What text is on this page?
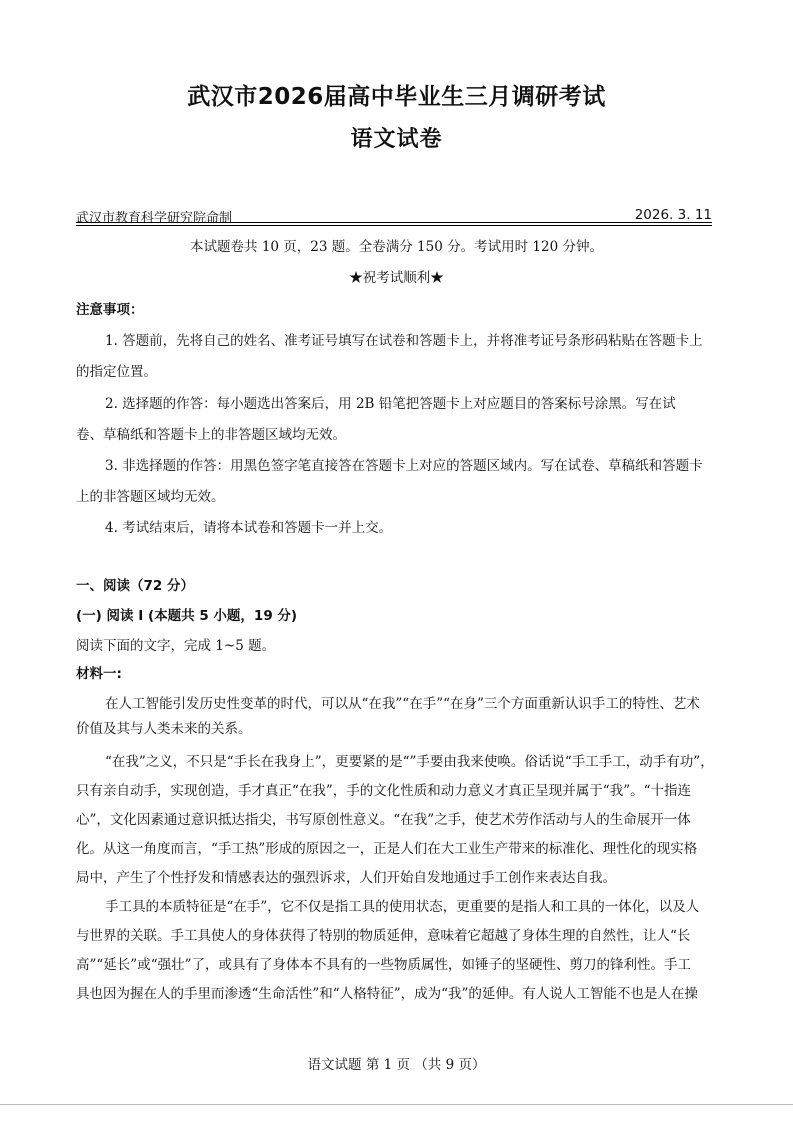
武汉市2026届高中毕业生三月调研考试
语文试卷
武汉市教育科学研究院命制	2026. 3. 11
本试题卷共 10 页，23 题。全卷满分 150 分。考试用时 120 分钟。
★祝考试顺利★
注意事项：
1. 答题前，先将自己的姓名、准考证号填写在试卷和答题卡上，并将准考证号条形码粘贴在答题卡上
的指定位置。
2. 选择题的作答：每小题选出答案后，用 2B 铅笔把答题卡上对应题目的答案标号涂黑。写在试
卷、草稿纸和答题卡上的非答题区域均无效。
3. 非选择题的作答：用黑色签字笔直接答在答题卡上对应的答题区域内。写在试卷、草稿纸和答题卡
上的非答题区域均无效。
4. 考试结束后，请将本试卷和答题卡一并上交。
一、阅读（72 分）
(一) 阅读 I (本题共 5 小题，19 分)
阅读下面的文字，完成 1~5 题。
材料一:
在人工智能引发历史性变革的时代，可以从“在我”“在手”“在身”三个方面重新认识手工的特性、艺术
价值及其与人类未来的关系。
“在我”之义，不只是“手长在我身上”，更要紧的是“”手要由我来使唤。俗话说“手工手工，动手有功”，
只有亲自动手，实现创造，手才真正“在我”，手的文化性质和动力意义才真正呈现并属于“我”。“十指连
心”，文化因素通过意识抵达指尖，书写原创性意义。“在我”之手，使艺术劳作活动与人的生命展开一体
化。从这一角度而言，“手工热”形成的原因之一，正是人们在大工业生产带来的标准化、理性化的现实格
局中，产生了个性抒发和情感表达的强烈诉求，人们开始自发地通过手工创作来表达自我。
手工具的本质特征是“在手”，它不仅是指工具的使用状态，更重要的是指人和工具的一体化，以及人
与世界的关联。手工具使人的身体获得了特别的物质延伸，意味着它超越了身体生理的自然性，让人“长
高”“延长”或“强壮”了，或具有了身体本不具有的一些物质属性，如锤子的坚硬性、剪刀的锋利性。手工
具也因为握在人的手里而渗透“生命活性”和“人格特征”，成为“我”的延伸。有人说人工智能不也是人在操
语文试题 第 1 页 （共 9 页）
